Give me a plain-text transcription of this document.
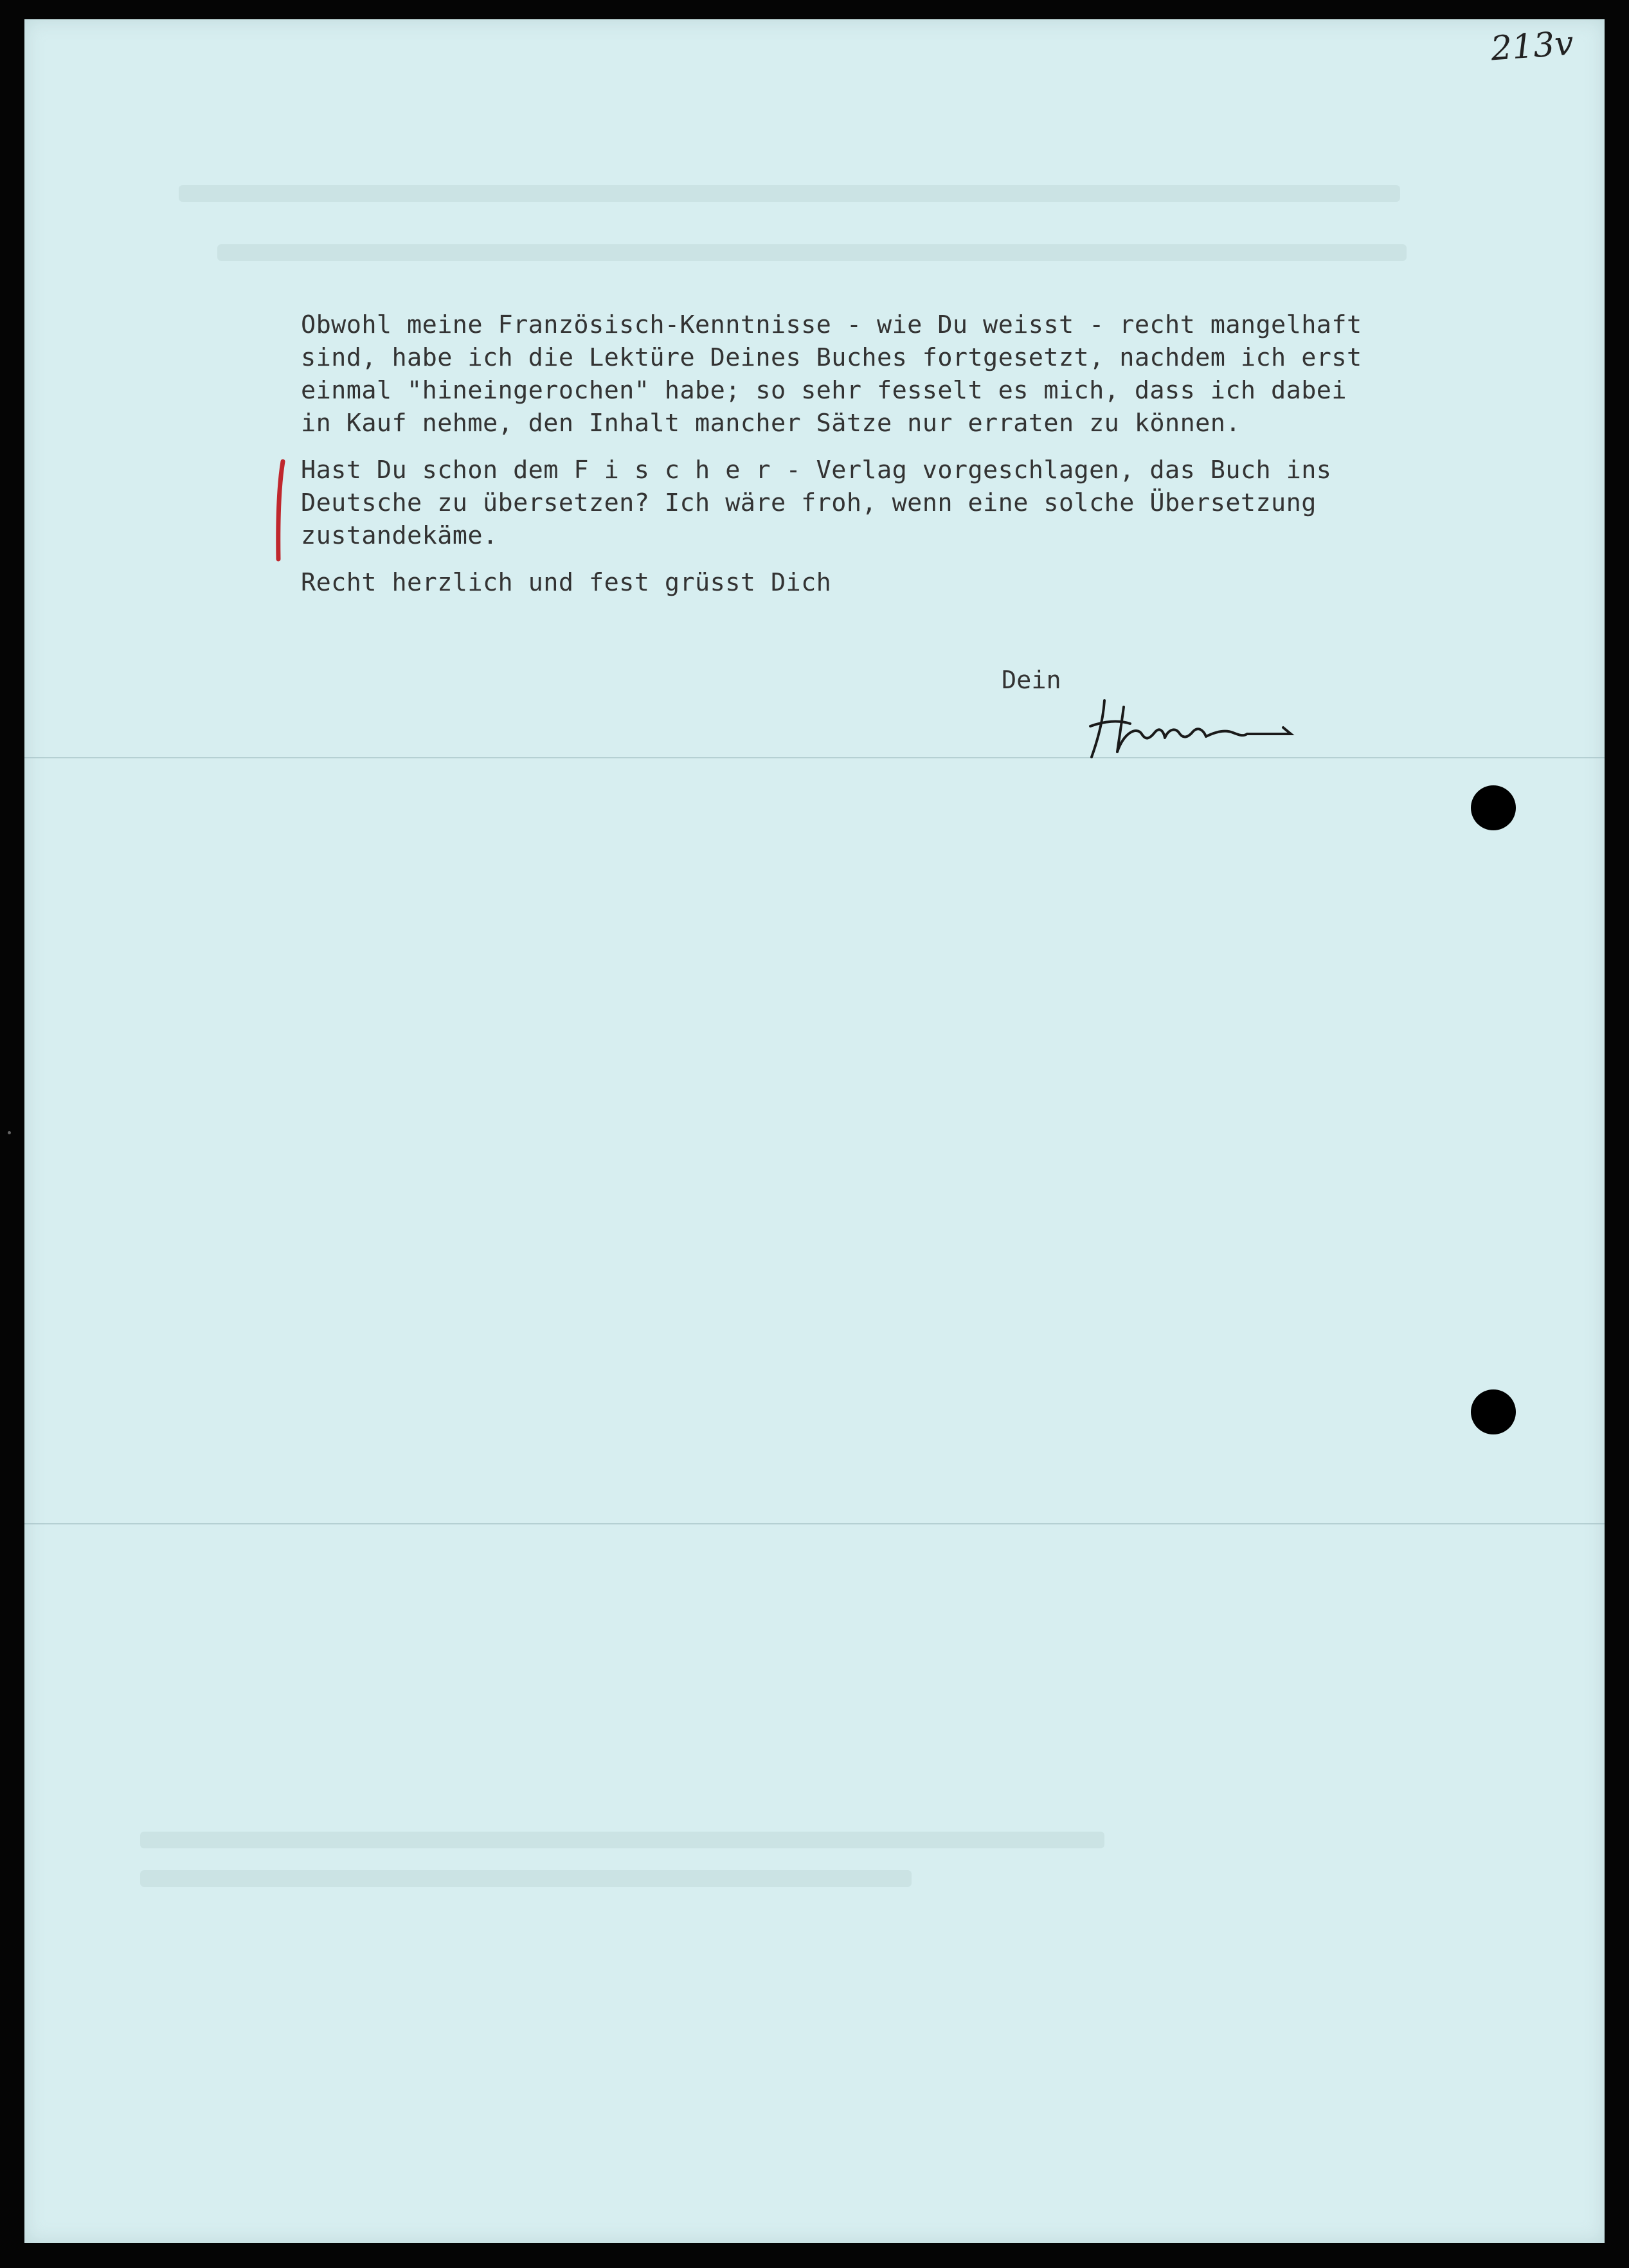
213v

Obwohl meine Französisch-Kenntnisse - wie Du weisst - recht mangelhaft
sind, habe ich die Lektüre Deines Buches fortgesetzt, nachdem ich erst
einmal "hineingerochen" habe; so sehr fesselt es mich, dass ich dabei
in Kauf nehme, den Inhalt mancher Sätze nur erraten zu können.

Hast Du schon dem F i s c h e r - Verlag vorgeschlagen, das Buch ins
Deutsche zu übersetzen? Ich wäre froh, wenn eine solche Übersetzung
zustandekäme.

Recht herzlich und fest grüsst Dich

Dein
